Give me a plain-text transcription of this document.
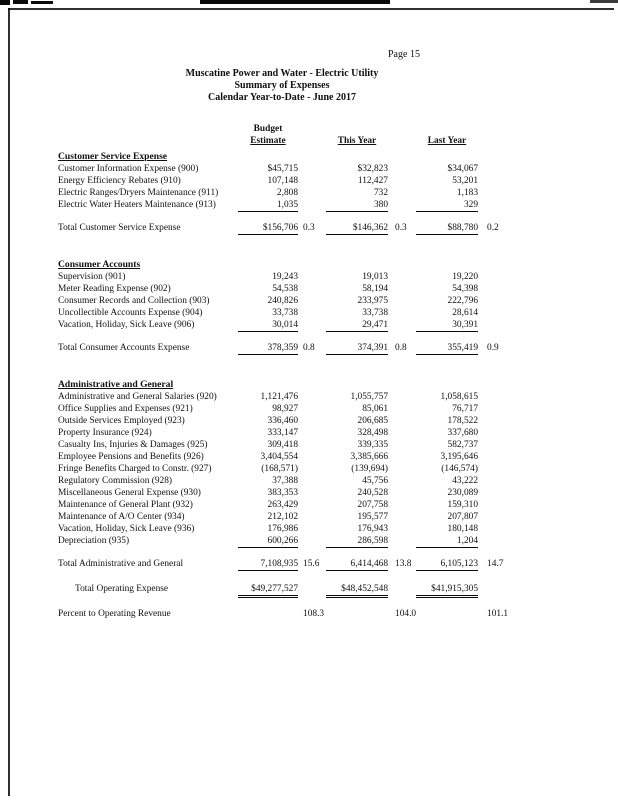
Page 15
Muscatine Power and Water - Electric Utility
Summary of Expenses
Calendar Year-to-Date - June 2017
Budget
Estimate	This Year	Last Year
Customer Service Expense
Customer Information Expense (900)	$45,715	$32,823	$34,067
Energy Efficiency Rebates (910)	107,148	112,427	53,201
Electric Ranges/Dryers Maintenance (911)	2,808	732	1,183
Electric Water Heaters Maintenance (913)	1,035	380	329
Total Customer Service Expense	$156,706 0.3	$146,362 0.3	$88,780 0.2
Consumer Accounts
Supervision (901)	19,243	19,013	19,220
Meter Reading Expense (902)	54,538	58,194	54,398
Consumer Records and Collection (903)	240,826	233,975	222,796
Uncollectible Accounts Expense (904)	33,738	33,738	28,614
Vacation, Holiday, Sick Leave (906)	30,014	29,471	30,391
Total Consumer Accounts Expense	378,359 0.8	374,391 0.8	355,419 0.9
Administrative and General
Administrative and General Salaries (920)	1,121,476	1,055,757	1,058,615
Office Supplies and Expenses (921)	98,927	85,061	76,717
Outside Services Employed (923)	336,460	206,685	178,522
Property Insurance (924)	333,147	328,498	337,680
Casualty Ins, Injuries & Damages (925)	309,418	339,335	582,737
Employee Pensions and Benefits (926)	3,404,554	3,385,666	3,195,646
Fringe Benefits Charged to Constr. (927)	(168,571)	(139,694)	(146,574)
Regulatory Commission (928)	37,388	45,756	43,222
Miscellaneous General Expense (930)	383,353	240,528	230,089
Maintenance of General Plant (932)	263,429	207,758	159,310
Maintenance of A/O Center (934)	212,102	195,577	207,807
Vacation, Holiday, Sick Leave (936)	176,986	176,943	180,148
Depreciation (935)	600,266	286,598	1,204
Total Administrative and General	7,108,935 15.6	6,414,468 13.8	6,105,123 14.7
Total Operating Expense	$49,277,527	$48,452,548	$41,915,305
Percent to Operating Revenue	108.3	104.0	101.1
